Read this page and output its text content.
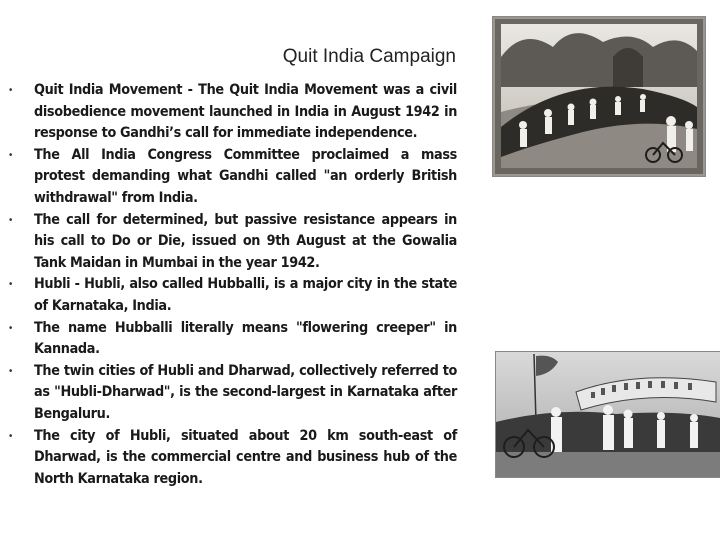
Quit India Campaign
• Quit India Movement - The Quit India Movement was a civil disobedience movement launched in India in August 1942 in response to Gandhi’s call for immediate independence.
• The All India Congress Committee proclaimed a mass protest demanding what Gandhi called "an orderly British withdrawal" from India.
• The call for determined, but passive resistance appears in his call to Do or Die, issued on 9th August at the Gowalia Tank Maidan in Mumbai in the year 1942.
• Hubli - Hubli, also called Hubballi, is a major city in the state of Karnataka, India.
• The name Hubballi literally means "flowering creeper" in Kannada.
• The twin cities of Hubli and Dharwad, collectively referred to as "Hubli-Dharwad", is the second-largest in Karnataka after Bengaluru.
• The city of Hubli, situated about 20 km south-east of Dharwad, is the commercial centre and business hub of the North Karnataka region.
